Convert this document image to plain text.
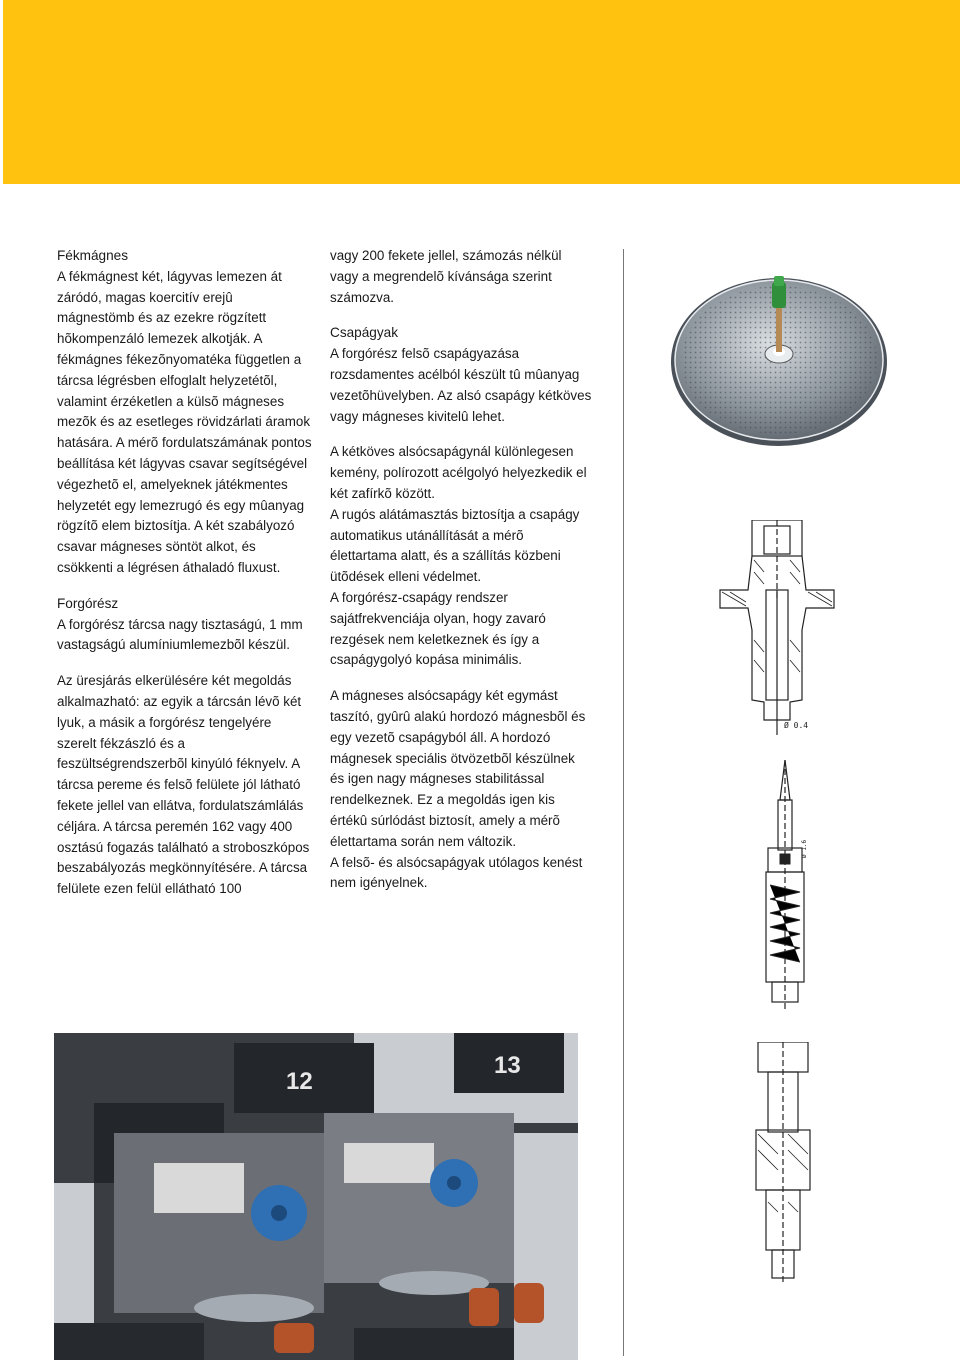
Fékmágnes

A fékmágnest két, lágyvas lemezen át záródó, magas koercitív erejû mágnestömb és az ezekre rögzített hõkompenzáló lemezek alkotják. A fékmágnes fékezõnyomatéka független a tárcsa légrésben elfoglalt helyzetétõl, valamint érzéketlen a külsõ mágneses mezõk és az esetleges rövidzárlati áramok hatására. A mérõ fordulatszámának pontos beállítása két lágyvas csavar segítségével végezhetõ el, amelyeknek játékmentes helyzetét egy lemezrugó és egy mûanyag rögzítõ elem biztosítja. A két szabályozó csavar mágneses söntöt alkot, és csökkenti a légrésen áthaladó fluxust.

Forgórész

A forgórész tárcsa nagy tisztaságú, 1 mm vastagságú alumíniumlemezbõl készül.

Az üresjárás elkerülésére két megoldás alkalmazható: az egyik a tárcsán lévõ két lyuk, a másik a forgórész tengelyére szerelt fékzászló és a feszültségrendszerbõl kinyúló féknyelv. A tárcsa pereme és felsõ felülete jól látható fekete jellel van ellátva, fordulatszámlálás céljára. A tárcsa peremén 162 vagy 400 osztású fogazás található a stroboszkópos beszabályozás megkönnyítésére. A tárcsa felülete ezen felül ellátható 100

vagy 200 fekete jellel, számozás nélkül vagy a megrendelõ kívánsága szerint számozva.

Csapágyak

A forgórész felsõ csapágyazása rozsdamentes acélból készült tû mûanyag vezetõhüvelyben. Az alsó csapágy kétköves vagy mágneses kivitelû lehet.

A kétköves alsócsapágynál különlegesen kemény, polírozott acélgolyó helyezkedik el két zafírkõ között.

A rugós alátámasztás biztosítja a csapágy automatikus utánállítását a mérõ élettartama alatt, és a szállítás közbeni ütõdések elleni védelmet.

A forgórész-csapágy rendszer sajátfrekvenciája olyan, hogy zavaró rezgések nem keletkeznek és így a csapágygolyó kopása minimális.

A mágneses alsócsapágy két egymást taszító, gyûrû alakú hordozó mágnesbõl és egy vezetõ csapágyból áll. A hordozó mágnesek speciális ötvözetbõl készülnek és igen nagy mágneses stabilitással rendelkeznek. Ez a megoldás igen kis értékû súrlódást biztosít, amely a mérõ élettartama során nem változik.

A felsõ- és alsócsapágyak utólagos kenést nem igényelnek.

Ø 0.4
Ø 1.6
12
13
